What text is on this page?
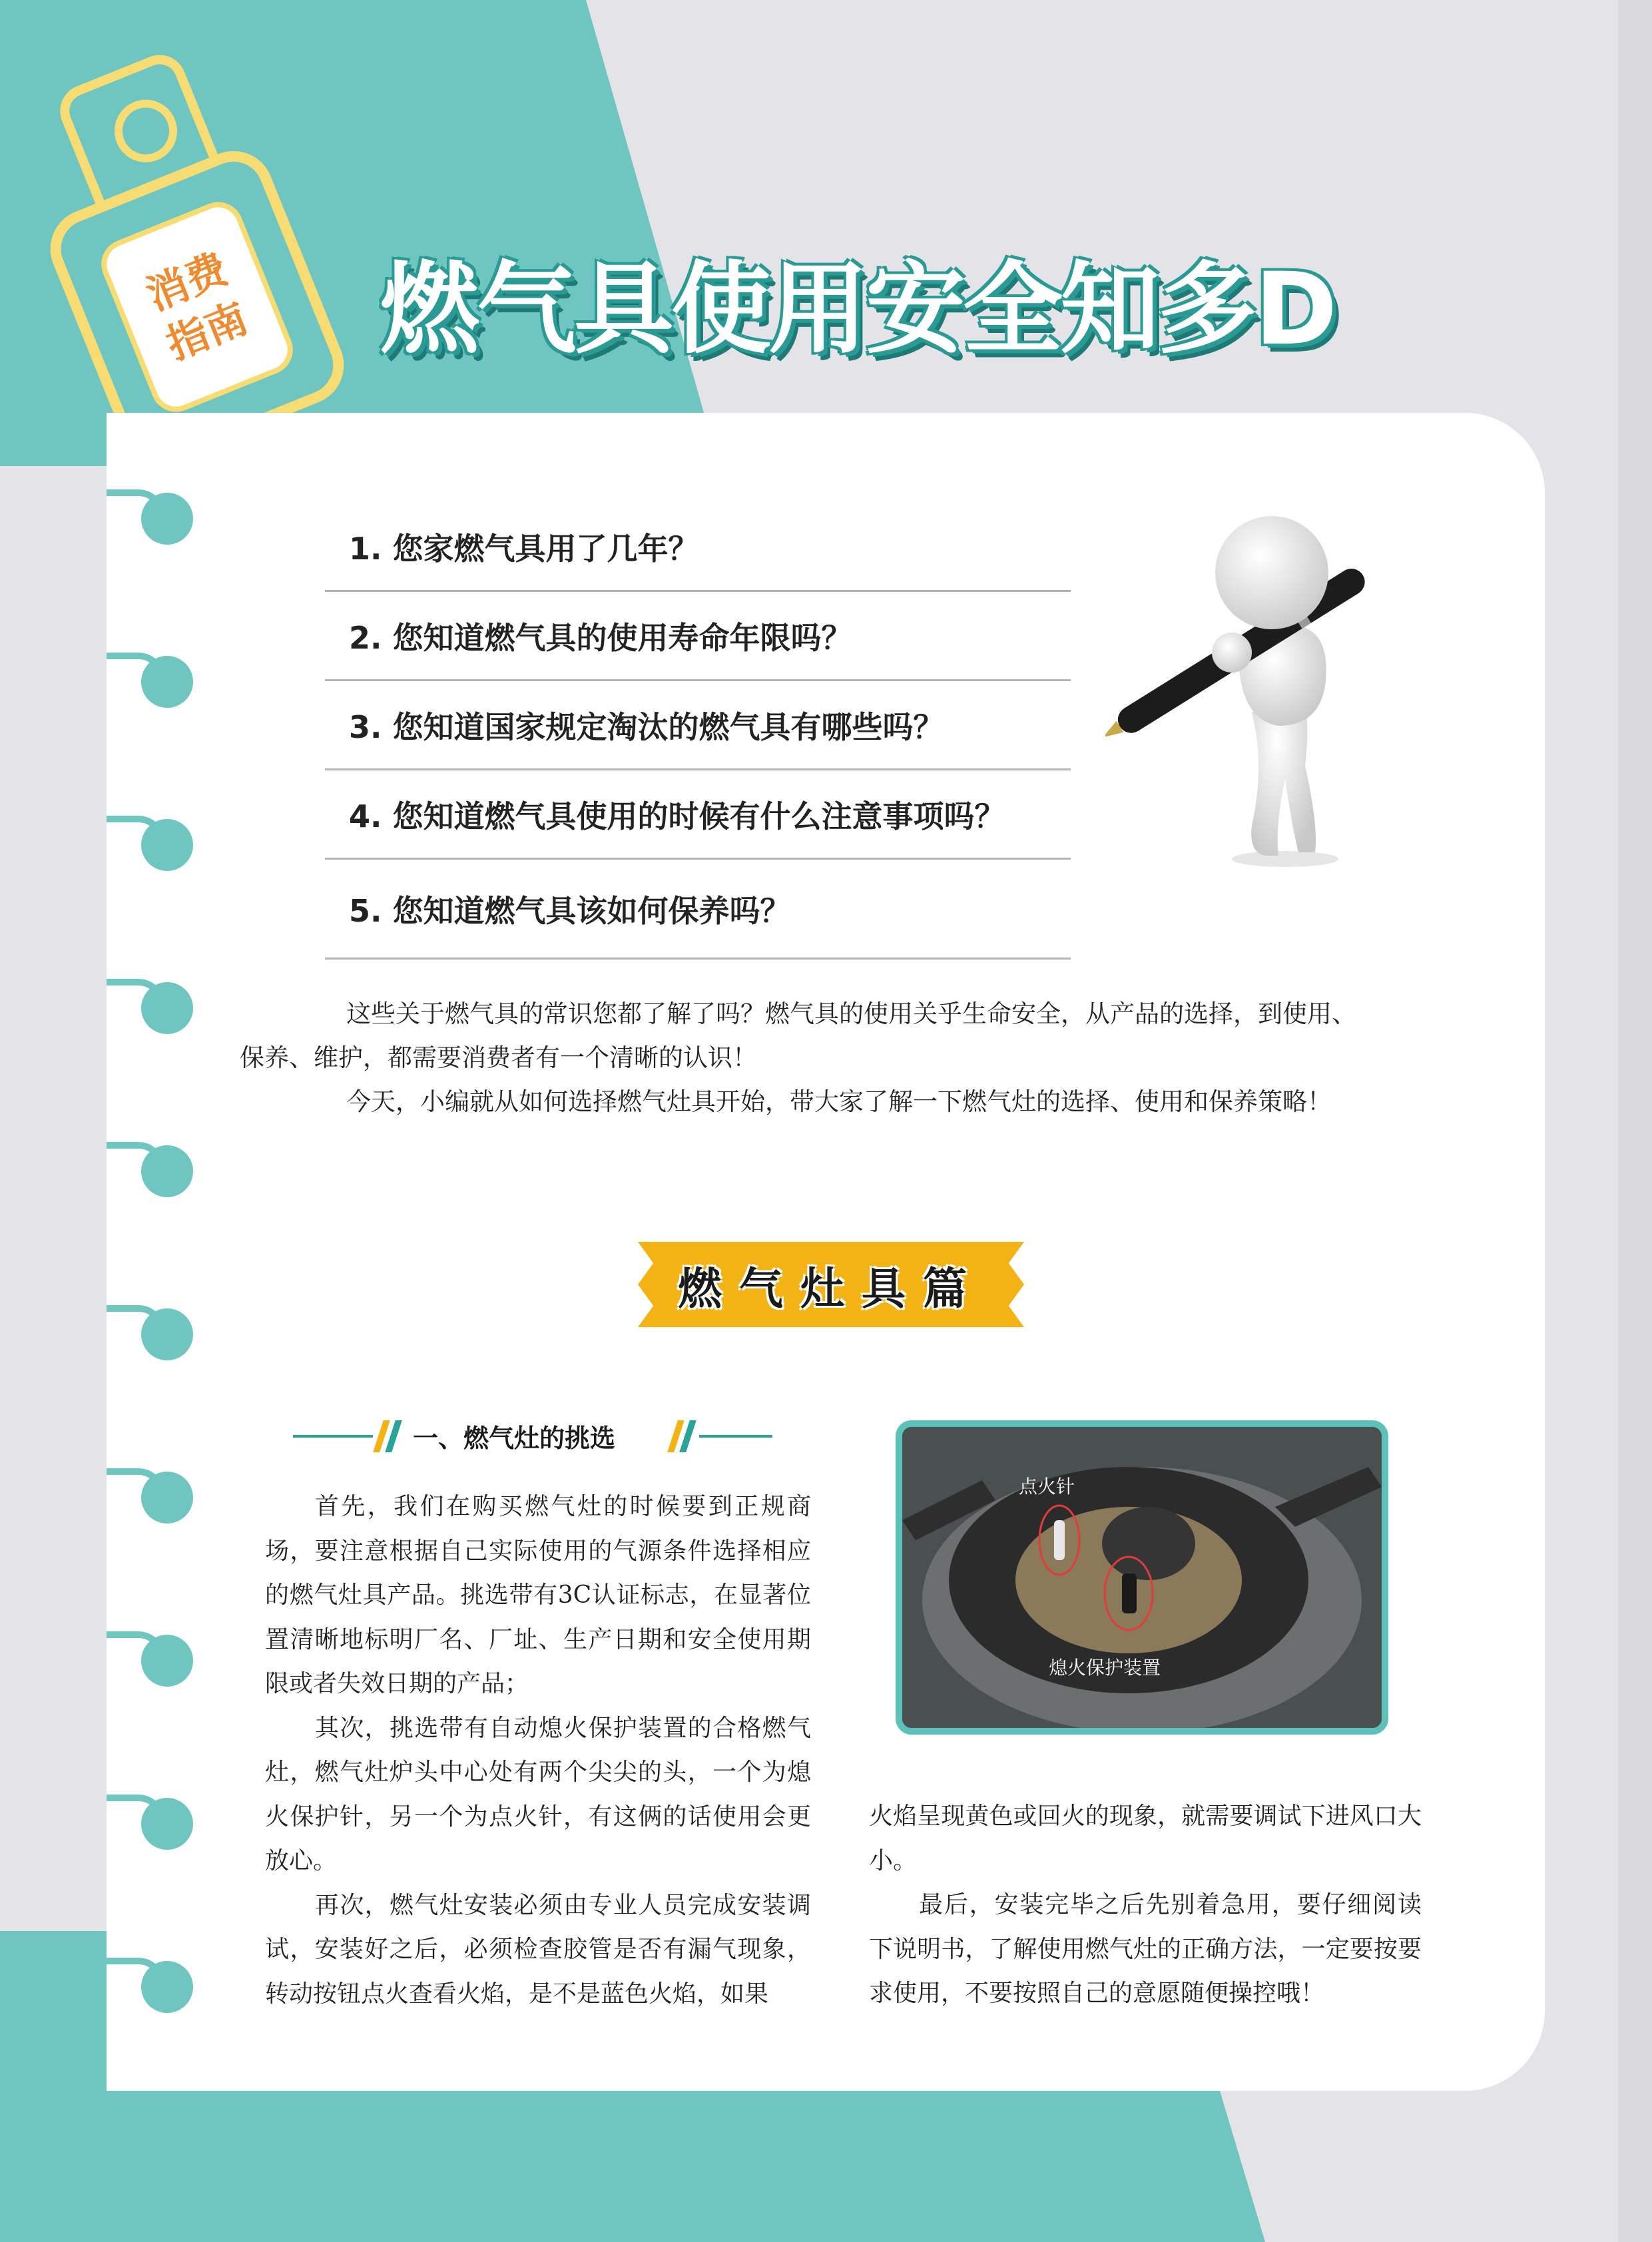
消费
指南 燃气具使用安全知多D
1. 您家燃气具用了几年？
2. 您知道燃气具的使用寿命年限吗？
3. 您知道国家规定淘汰的燃气具有哪些吗？
4. 您知道燃气具使用的时候有什么注意事项吗？
5. 您知道燃气具该如何保养吗？

这些关于燃气具的常识您都了解了吗？燃气具的使用关乎生命安全，从产品的选择，到使用、

保养、维护，都需要消费者有一个清晰的认识！

今天，小编就从如何选择燃气灶具开始，带大家了解一下燃气灶的选择、使用和保养策略！

燃气灶具篇
一、燃气灶的挑选

首先，我们在购买燃气灶的时候要到正规商场，要注意根据自己实际使用的气源条件选择相应的燃气灶具产品。挑选带有3C认证标志，在显著位置清晰地标明厂名、厂址、生产日期和安全使用期限或者失效日期的产品；

其次，挑选带有自动熄火保护装置的合格燃气灶，燃气灶炉头中心处有两个尖尖的头，一个为熄火保护针，另一个为点火针，有这俩的话使用会更放心。

再次，燃气灶安装必须由专业人员完成安装调试，安装好之后，必须检查胶管是否有漏气现象，转动按钮点火查看火焰，是不是蓝色火焰，如果

点火针
熄火保护装置

火焰呈现黄色或回火的现象，就需要调试下进风口大小。

最后，安装完毕之后先别着急用，要仔细阅读下说明书，了解使用燃气灶的正确方法，一定要按要求使用，不要按照自己的意愿随便操控哦！
